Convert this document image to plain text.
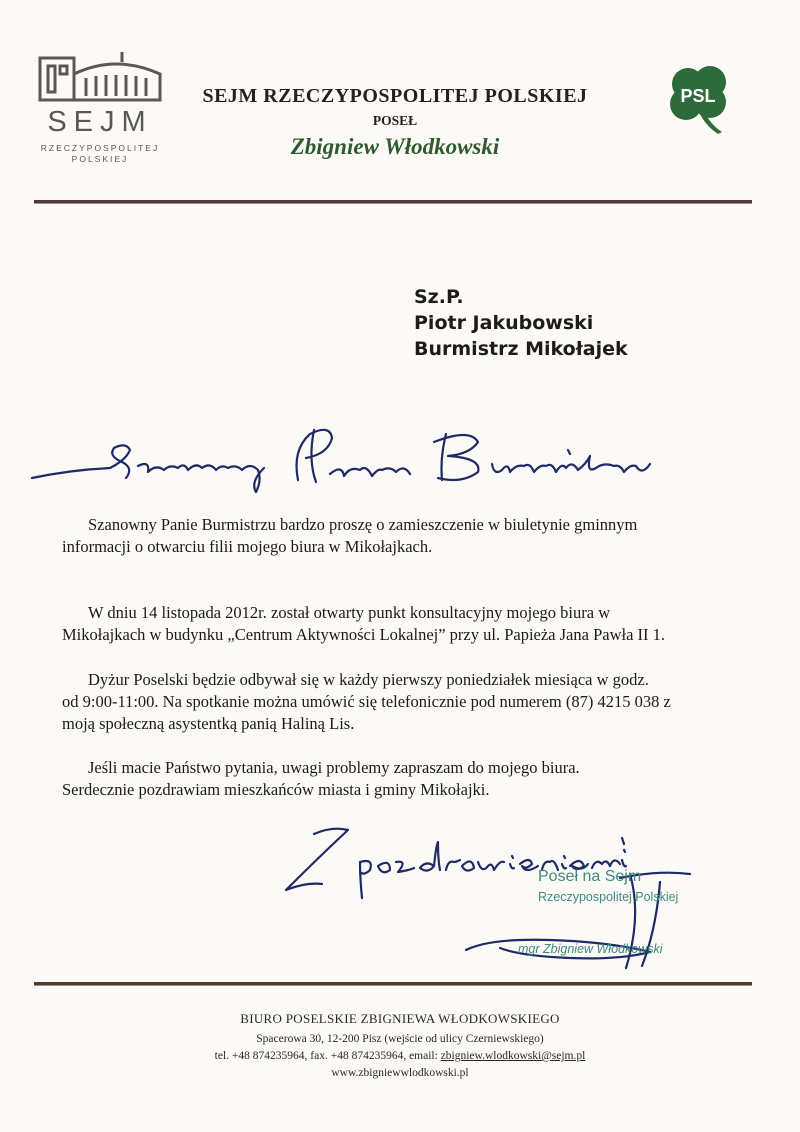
SEJM
RZECZYPOSPOLITEJ
POLSKIEJ
SEJM RZECZYPOSPOLITEJ POLSKIEJ
POSEŁ
Zbigniew Włodkowski
PSL
Sz.P.
Piotr Jakubowski
Burmistrz Mikołajek
Szanowny Panie Burmistrzu bardzo proszę o zamieszczenie w biuletynie gminnym
informacji o otwarciu filii mojego biura w Mikołajkach.
W dniu 14 listopada 2012r. został otwarty punkt konsultacyjny mojego biura w
Mikołajkach w budynku „Centrum Aktywności Lokalnej” przy ul. Papieża Jana Pawła II 1.
Dyżur Poselski będzie odbywał się w każdy pierwszy poniedziałek miesiąca w godz.
od 9:00-11:00. Na spotkanie można umówić się telefonicznie pod numerem (87) 4215 038 z
moją społeczną asystentką panią Haliną Lis.
Jeśli macie Państwo pytania, uwagi problemy zapraszam do mojego biura.
Serdecznie pozdrawiam mieszkańców miasta i gminy Mikołajki.
Poseł na Sejm
Rzeczypospolitej Polskiej
mgr Zbigniew Włodkowski
BIURO POSELSKIE ZBIGNIEWA WŁODKOWSKIEGO
Spacerowa 30, 12-200 Pisz (wejście od ulicy Czerniewskiego)
tel. +48 874235964, fax. +48 874235964, email: zbigniew.wlodkowski@sejm.pl
www.zbigniewwlodkowski.pl
